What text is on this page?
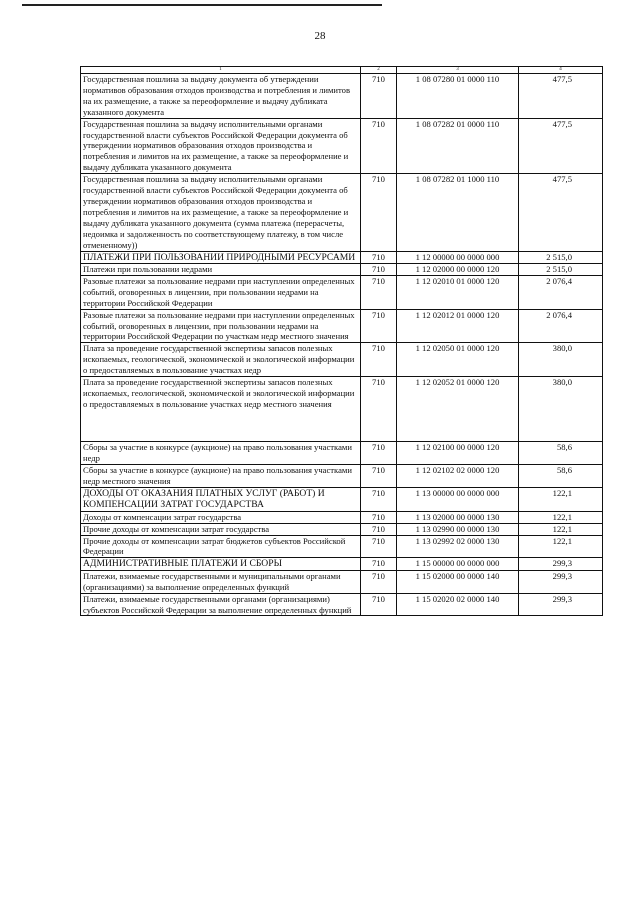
28
1	2	3	4
Государственная пошлина за выдачу документа об утверждении нормативов образования отходов производства и потребления и лимитов на их размещение, а также за переоформление и выдачу дубликата указанного документа	710	1 08 07280 01 0000 110	477,5
Государственная пошлина за выдачу исполнительными органами государственной власти субъектов Российской Федерации документа об утверждении нормативов образования отходов производства и потребления и лимитов на их размещение, а также за переоформление и выдачу дубликата указанного документа	710	1 08 07282 01 0000 110	477,5
Государственная пошлина за выдачу исполнительными органами государственной власти субъектов Российской Федерации документа об утверждении нормативов образования отходов производства и потребления и лимитов на их размещение, а также за переоформление и выдачу дубликата указанного документа (сумма платежа (перерасчеты, недоимка и задолженность по соответствующему платежу, в том числе отмененному))	710	1 08 07282 01 1000 110	477,5
ПЛАТЕЖИ ПРИ ПОЛЬЗОВАНИИ ПРИРОДНЫМИ РЕСУРСАМИ	710	1 12 00000 00 0000 000	2 515,0
Платежи при пользовании недрами	710	1 12 02000 00 0000 120	2 515,0
Разовые платежи за пользование недрами при наступлении определенных событий, оговоренных в лицензии, при пользовании недрами на территории Российской Федерации	710	1 12 02010 01 0000 120	2 076,4
Разовые платежи за пользование недрами при наступлении определенных событий, оговоренных в лицензии, при пользовании недрами на территории Российской Федерации по участкам недр местного значения	710	1 12 02012 01 0000 120	2 076,4
Плата за проведение государственной экспертизы запасов полезных ископаемых, геологической, экономической и экологической информации о предоставляемых в пользование участках недр	710	1 12 02050 01 0000 120	380,0
Плата за проведение государственной экспертизы запасов полезных ископаемых, геологической, экономической и экологической информации о предоставляемых в пользование участках недр местного значения	710	1 12 02052 01 0000 120	380,0
Сборы за участие в конкурсе (аукционе) на право пользования участками недр	710	1 12 02100 00 0000 120	58,6
Сборы за участие в конкурсе (аукционе) на право пользования участками недр местного значения	710	1 12 02102 02 0000 120	58,6
ДОХОДЫ ОТ ОКАЗАНИЯ ПЛАТНЫХ УСЛУГ (РАБОТ) И КОМПЕНСАЦИИ ЗАТРАТ ГОСУДАРСТВА	710	1 13 00000 00 0000 000	122,1
Доходы от компенсации затрат государства	710	1 13 02000 00 0000 130	122,1
Прочие доходы от компенсации затрат государства	710	1 13 02990 00 0000 130	122,1
Прочие доходы от компенсации затрат бюджетов субъектов Российской Федерации	710	1 13 02992 02 0000 130	122,1
АДМИНИСТРАТИВНЫЕ ПЛАТЕЖИ И СБОРЫ	710	1 15 00000 00 0000 000	299,3
Платежи, взимаемые государственными и муниципальными органами (организациями) за выполнение определенных функций	710	1 15 02000 00 0000 140	299,3
Платежи, взимаемые государственными органами (организациями) субъектов Российской Федерации за выполнение определенных функций	710	1 15 02020 02 0000 140	299,3
